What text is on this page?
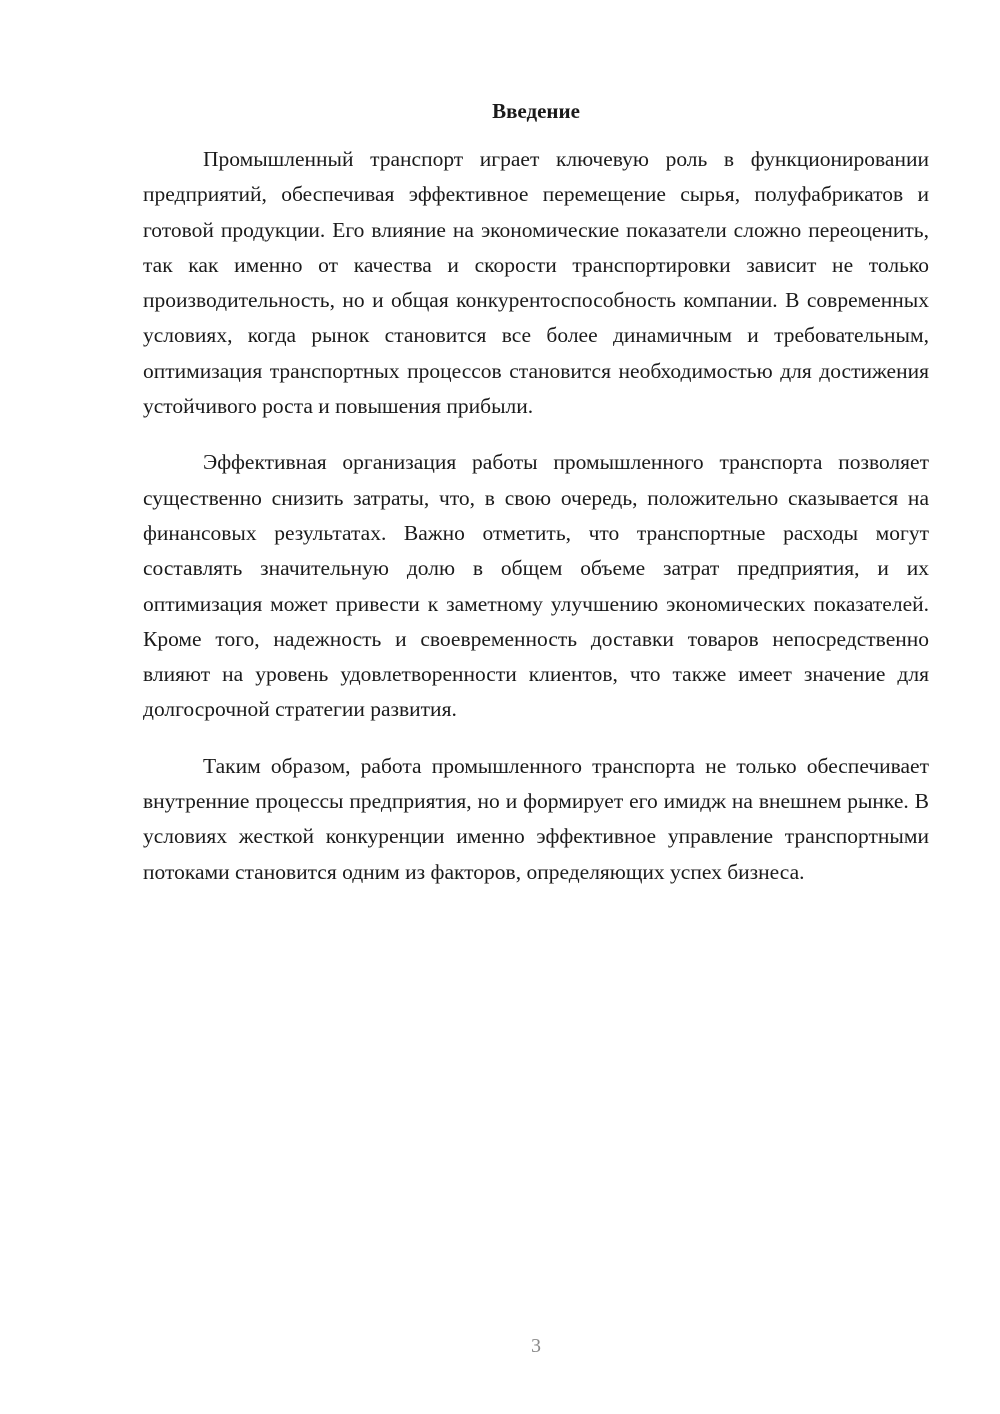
Введение

Промышленный транспорт играет ключевую роль в функционировании предприятий, обеспечивая эффективное перемещение сырья, полуфабрикатов и готовой продукции. Его влияние на экономические показатели сложно переоценить, так как именно от качества и скорости транспортировки зависит не только производительность, но и общая конкурентоспособность компании. В современных условиях, когда рынок становится все более динамичным и требовательным, оптимизация транспортных процессов становится необходимостью для достижения устойчивого роста и повышения прибыли.

Эффективная организация работы промышленного транспорта позволяет существенно снизить затраты, что, в свою очередь, положительно сказывается на финансовых результатах. Важно отметить, что транспортные расходы могут составлять значительную долю в общем объеме затрат предприятия, и их оптимизация может привести к заметному улучшению экономических показателей. Кроме того, надежность и своевременность доставки товаров непосредственно влияют на уровень удовлетворенности клиентов, что также имеет значение для долгосрочной стратегии развития.

Таким образом, работа промышленного транспорта не только обеспечивает внутренние процессы предприятия, но и формирует его имидж на внешнем рынке. В условиях жесткой конкуренции именно эффективное управление транспортными потоками становится одним из факторов, определяющих успех бизнеса.

3
